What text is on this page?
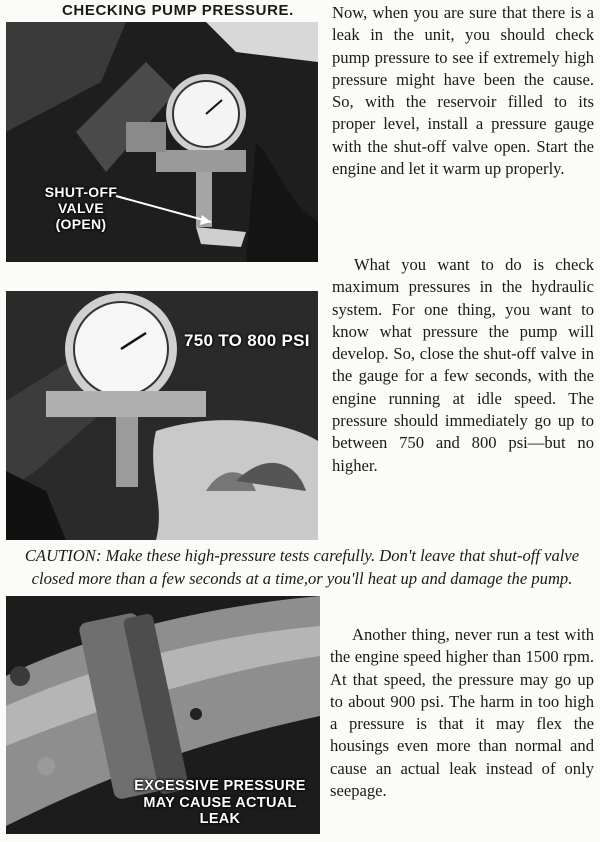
CHECKING PUMP PRESSURE.
SHUT-OFF VALVE
(OPEN)
750 TO 800 PSI
EXCESSIVE PRESSURE
MAY CAUSE ACTUAL LEAK
Now, when you are sure that there is a leak in the unit, you should check pump pressure to see if extremely high pressure might have been the cause. So, with the reservoir filled to its proper level, install a pressure gauge with the shut-off valve open. Start the engine and let it warm up properly.
What you want to do is check maximum pressures in the hydraulic system. For one thing, you want to know what pressure the pump will develop. So, close the shut-off valve in the gauge for a few seconds, with the engine running at idle speed. The pressure should immediately go up to between 750 and 800 psi—but no higher.
CAUTION: Make these high-pressure tests carefully. Don't leave that shut-off valve closed more than a few seconds at a time,or you'll heat up and damage the pump.
Another thing, never run a test with the engine speed higher than 1500 rpm. At that speed, the pressure may go up to about 900 psi. The harm in too high a pressure is that it may flex the housings even more than normal and cause an actual leak instead of only seepage.
